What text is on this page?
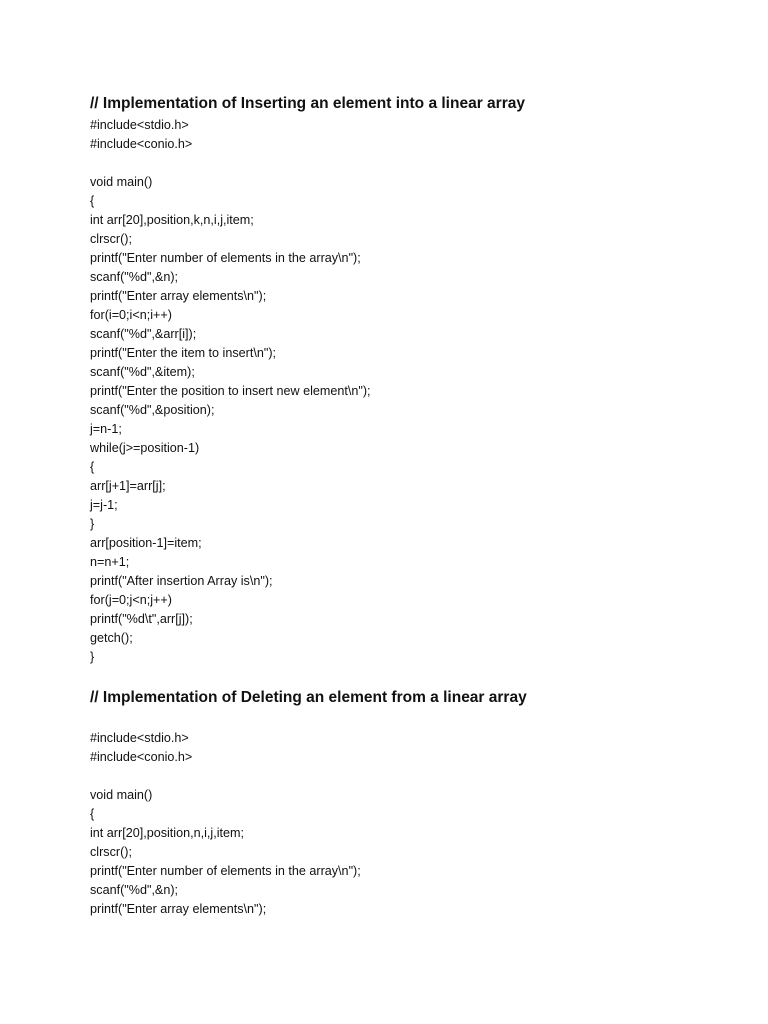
// Implementation of Inserting an element into a linear array
#include<stdio.h>
#include<conio.h>
void main()
{
int arr[20],position,k,n,i,j,item;
clrscr();
printf("Enter number of elements in the array\n");
scanf("%d",&n);
printf("Enter array elements\n");
for(i=0;i<n;i++)
scanf("%d",&arr[i]);
printf("Enter the item to insert\n");
scanf("%d",&item);
printf("Enter the position to insert new element\n");
scanf("%d",&position);
j=n-1;
while(j>=position-1)
{
arr[j+1]=arr[j];
j=j-1;
}
arr[position-1]=item;
n=n+1;
printf("After insertion Array is\n");
for(j=0;j<n;j++)
printf("%d\t",arr[j]);
getch();
}
// Implementation of Deleting an element from a linear array
#include<stdio.h>
#include<conio.h>
void main()
{
int arr[20],position,n,i,j,item;
clrscr();
printf("Enter number of elements in the array\n");
scanf("%d",&n);
printf("Enter array elements\n");
